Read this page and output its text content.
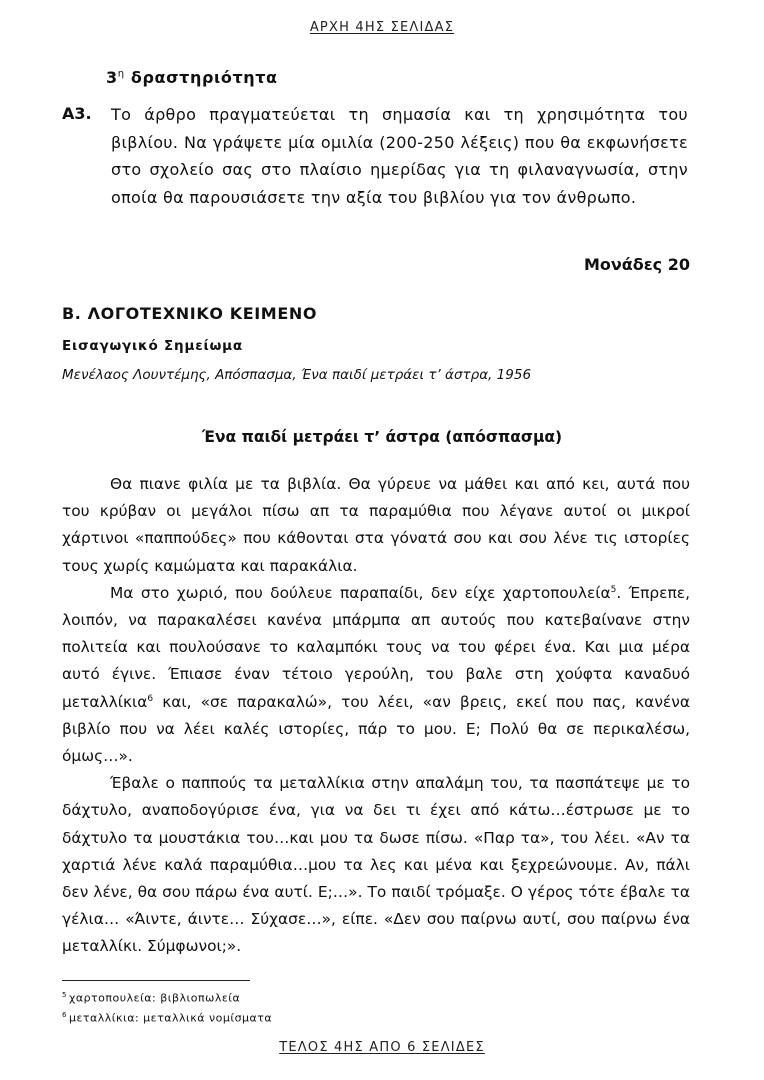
ΑΡΧΗ 4ΗΣ ΣΕΛΙΔΑΣ
$3^\eta$ δραστηριότητα
Α3. Το άρθρο πραγματεύεται τη σημασία και τη χρησιμότητα του βιβλίου. Να γράψετε μία ομιλία (200-250 λέξεις) που θα εκφωνήσετε στο σχολείο σας στο πλαίσιο ημερίδας για τη φιλαναγνωσία, στην οποία θα παρουσιάσετε την αξία του βιβλίου για τον άνθρωπο.
Μονάδες 20
Β. ΛΟΓΟΤΕΧΝΙΚΟ ΚΕΙΜΕΝΟ
Εισαγωγικό Σημείωμα
Μενέλαος Λουντέμης, Απόσπασμα, Ένα παιδί μετράει τ’ άστρα, 1956
Ένα παιδί μετράει τ’ άστρα (απόσπασμα)

Θα πιανε φιλία με τα βιβλία. Θα γύρευε να μάθει και από κει, αυτά που του κρύβαν οι μεγάλοι πίσω απ τα παραμύθια που λέγανε αυτοί οι μικροί χάρτινοι «παππούδες» που κάθονται στα γόνατά σου και σου λένε τις ιστορίες τους χωρίς καμώματα και παρακάλια.

Μα στο χωριό, που δούλευε παραπαίδι, δεν είχε χαρτοπουλεία$^5$. Έπρεπε, λοιπόν, να παρακαλέσει κανένα μπάρμπα απ αυτούς που κατεβαίνανε στην πολιτεία και πουλούσανε το καλαμπόκι τους να του φέρει ένα. Και μια μέρα αυτό έγινε. Έπιασε έναν τέτοιο γερούλη, του βαλε στη χούφτα καναδυό μεταλλίκια$^6$ και, «σε παρακαλώ», του λέει, «αν βρεις, εκεί που πας, κανένα βιβλίο που να λέει καλές ιστορίες, πάρ το μου. Ε; Πολύ θα σε περικαλέσω, όμως…».

Έβαλε ο παππούς τα μεταλλίκια στην απαλάμη του, τα πασπάτεψε με το δάχτυλο, αναποδογύρισε ένα, για να δει τι έχει από κάτω…έστρωσε με το δάχτυλο τα μουστάκια του…και μου τα δωσε πίσω. «Παρ τα», του λέει. «Αν τα χαρτιά λένε καλά παραμύθια…μου τα λες και μένα και ξεχρεώνουμε. Αν, πάλι δεν λένε, θα σου πάρω ένα αυτί. Ε;…». Το παιδί τρόμαξε. Ο γέρος τότε έβαλε τα γέλια… «Άιντε, άιντε… Σύχασε…», είπε. «Δεν σου παίρνω αυτί, σου παίρνω ένα μεταλλίκι. Σύμφωνοι;».

$^5$ χαρτοπουλεία: βιβλιοπωλεία
$^6$ μεταλλίκια: μεταλλικά νομίσματα
ΤΕΛΟΣ 4ΗΣ ΑΠΟ 6 ΣΕΛΙΔΕΣ
